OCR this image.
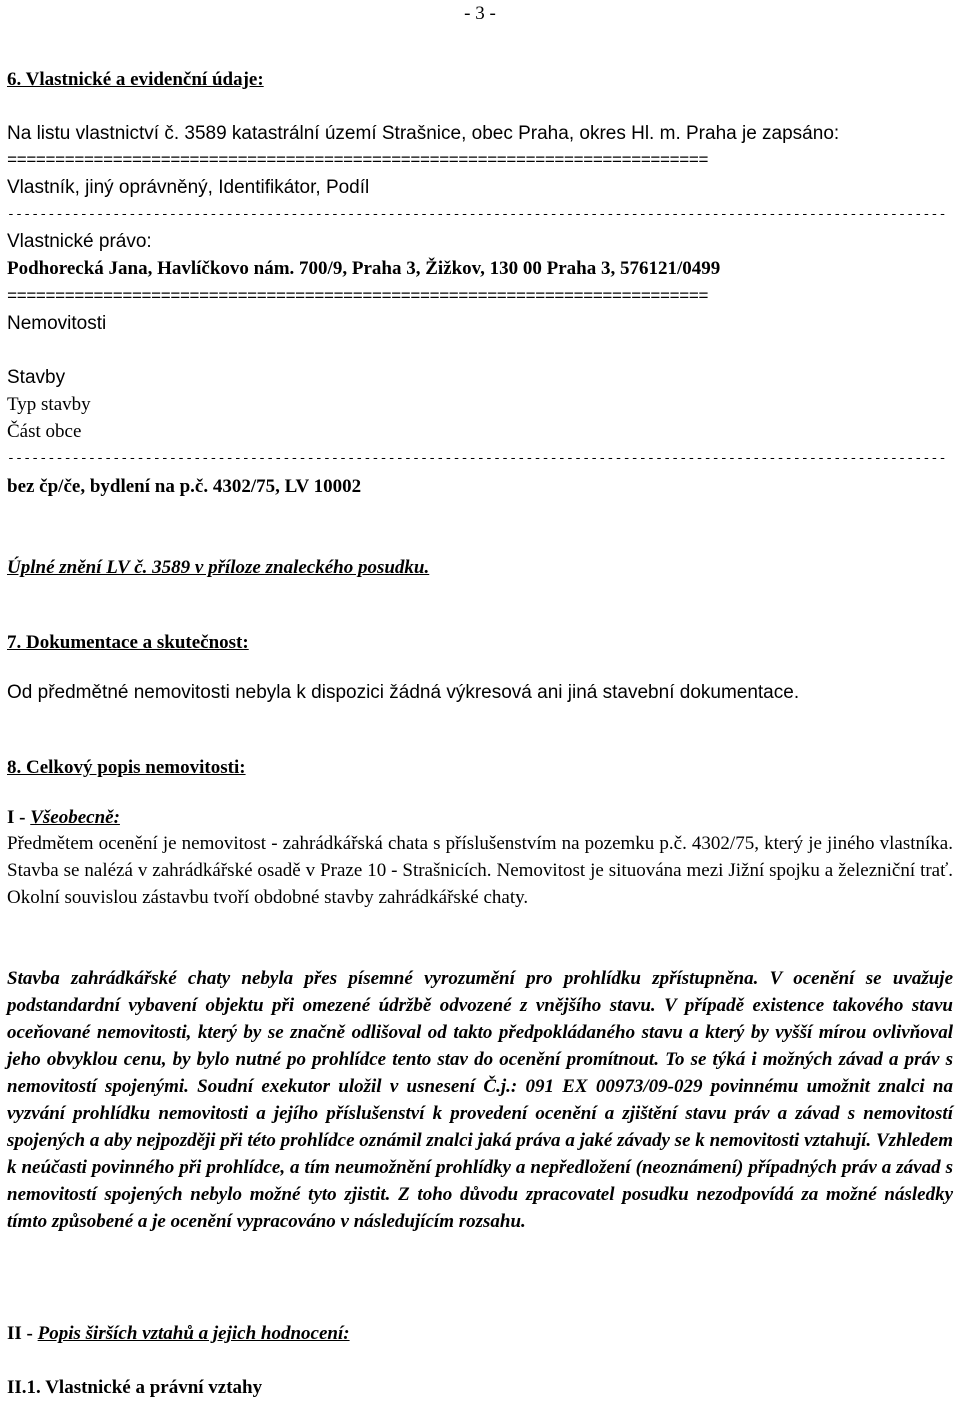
- 3 -
6. Vlastnické a evidenční údaje:
Na listu vlastnictví č. 3589 katastrální území Strašnice, obec Praha, okres Hl. m. Praha je zapsáno:
=========================================================================
Vlastník, jiný oprávněný, Identifikátor, Podíl
--------------------------------------------------------------------------------------------------------------------
Vlastnické právo:
Podhorecká Jana, Havlíčkovo nám. 700/9, Praha 3, Žižkov, 130 00 Praha 3, 576121/0499
=========================================================================
Nemovitosti
Stavby
Typ stavby
Část obce
--------------------------------------------------------------------------------------------------------------------
bez čp/če, bydlení na p.č. 4302/75, LV 10002
Úplné znění LV č. 3589 v příloze znaleckého posudku.
7. Dokumentace a skutečnost:
Od předmětné nemovitosti nebyla k dispozici žádná výkresová ani jiná stavební dokumentace.
8. Celkový popis nemovitosti:
I - Všeobecně:
Předmětem ocenění je nemovitost - zahrádkářská chata s příslušenstvím na pozemku p.č. 4302/75, který je jiného vlastníka. Stavba se nalézá v zahrádkářské osadě v Praze 10 - Strašnicích. Nemovitost je situována mezi Jižní spojku a železniční trať. Okolní souvislou zástavbu tvoří obdobné stavby zahrádkářské chaty.
Stavba zahrádkářské chaty nebyla přes písemné vyrozumění pro prohlídku zpřístupněna. V ocenění se uvažuje podstandardní vybavení objektu při omezené údržbě odvozené z vnějšího stavu. V případě existence takového stavu oceňované nemovitosti, který by se značně odlišoval od takto předpokládaného stavu a který by vyšší mírou ovlivňoval jeho obvyklou cenu, by bylo nutné po prohlídce tento stav do ocenění promítnout. To se týká i možných závad a práv s nemovitostí spojenými. Soudní exekutor uložil v usnesení Č.j.: 091 EX 00973/09-029 povinnému umožnit znalci na vyzvání prohlídku nemovitosti a jejího příslušenství k provedení ocenění a zjištění stavu práv a závad s nemovitostí spojených a aby nejpozději při této prohlídce oznámil znalci jaká práva a jaké závady se k nemovitosti vztahují. Vzhledem k neúčasti povinného při prohlídce, a tím neumožnění prohlídky a nepředložení (neoznámení) případných práv a závad s nemovitostí spojených nebylo možné tyto zjistit. Z toho důvodu zpracovatel posudku nezodpovídá za možné následky tímto způsobené a je ocenění vypracováno v následujícím rozsahu.
II - Popis širších vztahů a jejich hodnocení:
II.1. Vlastnické a právní vztahy
